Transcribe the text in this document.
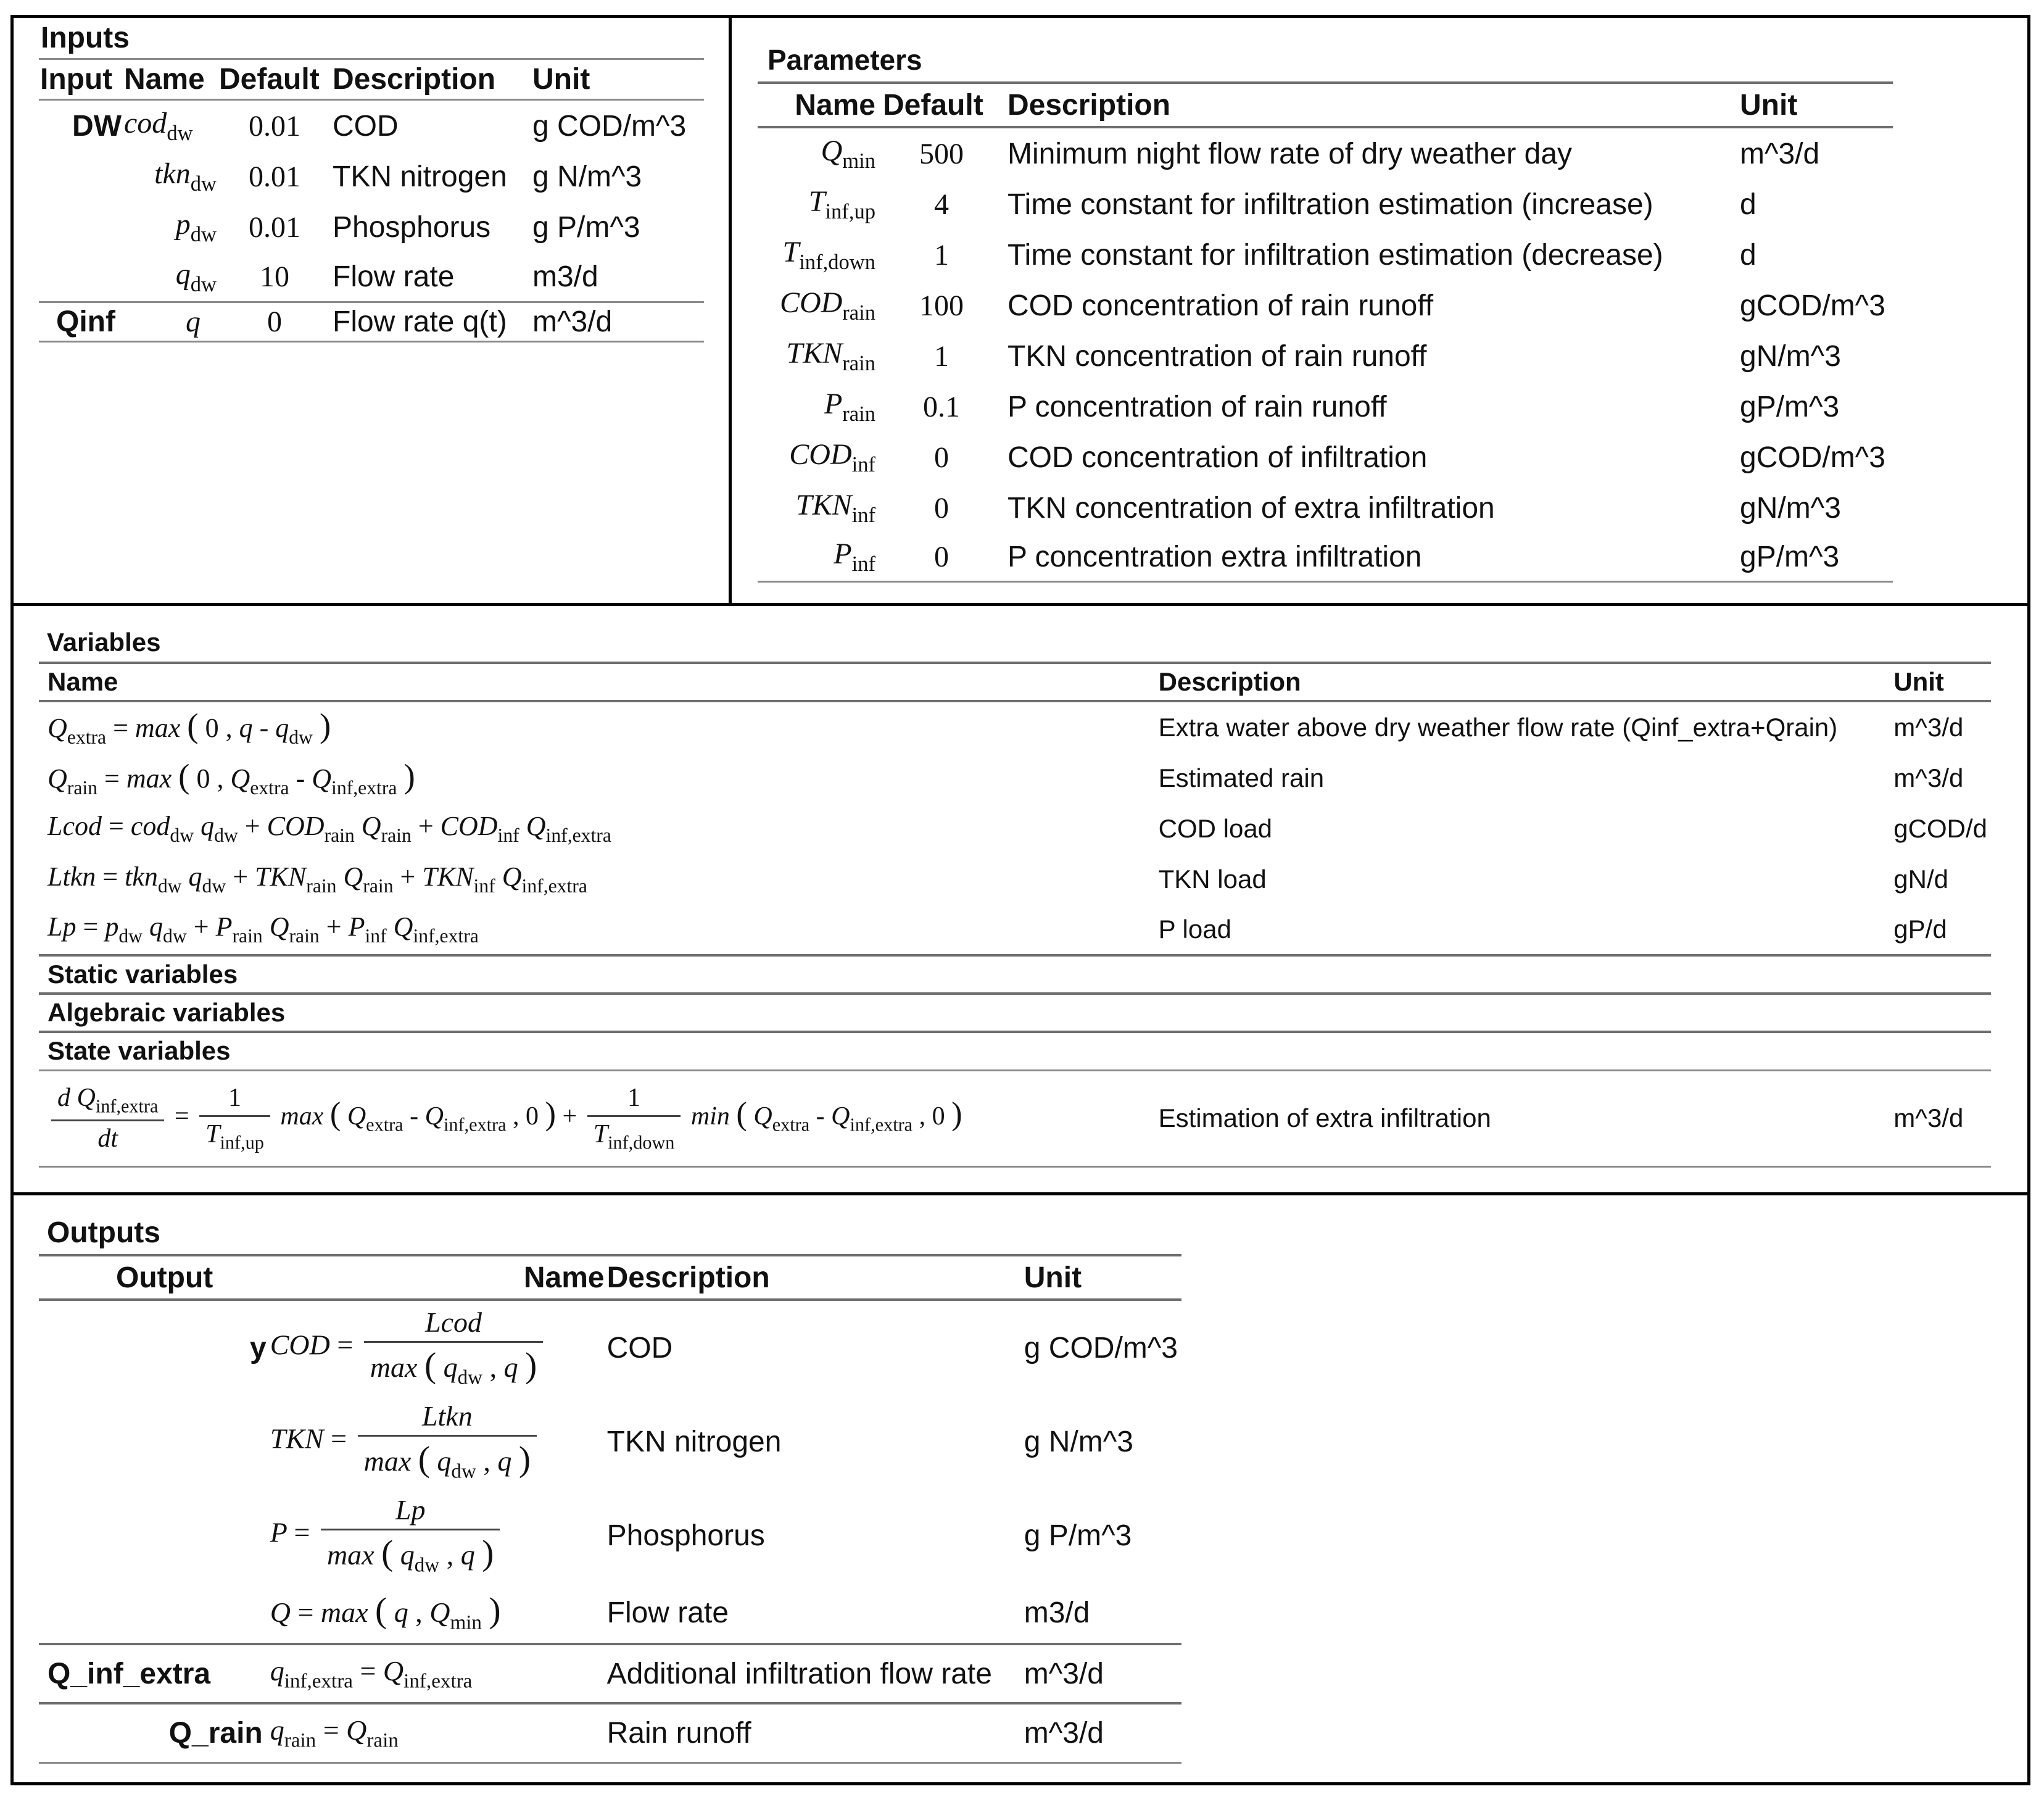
Inputs
Input	Name	Default	Description	Unit
DW	cod$_{dw}$	0.01	COD	g COD/m^3
	tkn$_{dw}$	0.01	TKN nitrogen	g N/m^3
	$p_{dw}$	0.01	Phosphorus	g P/m^3
	$q_{dw}$	10	Flow rate	m3/d
Qinf	q	0	Flow rate q(t)	m^3/d
Parameters
Name	Default	Description	Unit
$Q_{min}$	500	Minimum night flow rate of dry weather day	m^3/d
$T_{inf,up}$	4	Time constant for infiltration estimation (increase)	d
$T_{inf,down}$	1	Time constant for infiltration estimation (decrease)	d
$COD_{rain}$	100	COD concentration of rain runoff	gCOD/m^3
$TKN_{rain}$	1	TKN concentration of rain runoff	gN/m^3
$P_{rain}$	0.1	P concentration of rain runoff	gP/m^3
$COD_{inf}$	0	COD concentration of infiltration	gCOD/m^3
$TKN_{inf}$	0	TKN concentration of extra infiltration	gN/m^3
$P_{inf}$	0	P concentration extra infiltration	gP/m^3
Variables
Name	Description	Unit
$Q_{extra} = \max$ ( 0 , q - $q_{dw}$ )	Extra water above dry weather flow rate (Qinf_extra+Qrain)	m^3/d
$Q_{rain} = \max$ ( 0 , $Q_{extra} - Q_{inf,extra}$ )	Estimated rain	m^3/d
Lcod = cod$_{dw}$ $q_{dw} + COD_{rain}$ $Q_{rain} + COD_{inf}$ $Q_{inf,extra}$	COD load	gCOD/d
Ltkn = tkn$_{dw}$ $q_{dw} + TKN_{rain}$ $Q_{rain} + TKN_{inf}$ $Q_{inf,extra}$	TKN load	gN/d
$Lp = p_{dw}$ $q_{dw} + P_{rain}$ $Q_{rain} + P_{inf}$ $Q_{inf,extra}$	P load	gP/d
Static variables		
Algebraic variables		
State variables		

$\frac{d Q_{inf,extra}}{dt} = \frac{1}{T_{inf,up}}$ max ( $Q_{extra} - Q_{inf,extra}$ , 0 ) + $\frac{1}{T_{inf,down}}$ min ( $Q_{extra} - Q_{inf,extra}$ , 0 )	Estimation of extra infiltration	m^3/d
Outputs
Output	Name	Description	Unit
y	COD = $\frac{\text{Lcod}}{\max ( q_{dw} , q )}$	COD	g COD/m^3
	TKN = $\frac{\text{Ltkn}}{\max ( q_{dw} , q )}$	TKN nitrogen	g N/m^3
	$P = \frac{Lp}{\max ( q_{dw} , q )}$	Phosphorus	g P/m^3
	Q = max ( q , $Q_{min}$ )	Flow rate	m3/d
Q_inf_extra	$q_{inf,extra} = Q_{inf,extra}$	Additional infiltration flow rate	m^3/d
Q_rain	$q_{rain} = Q_{rain}$	Rain runoff	m^3/d
